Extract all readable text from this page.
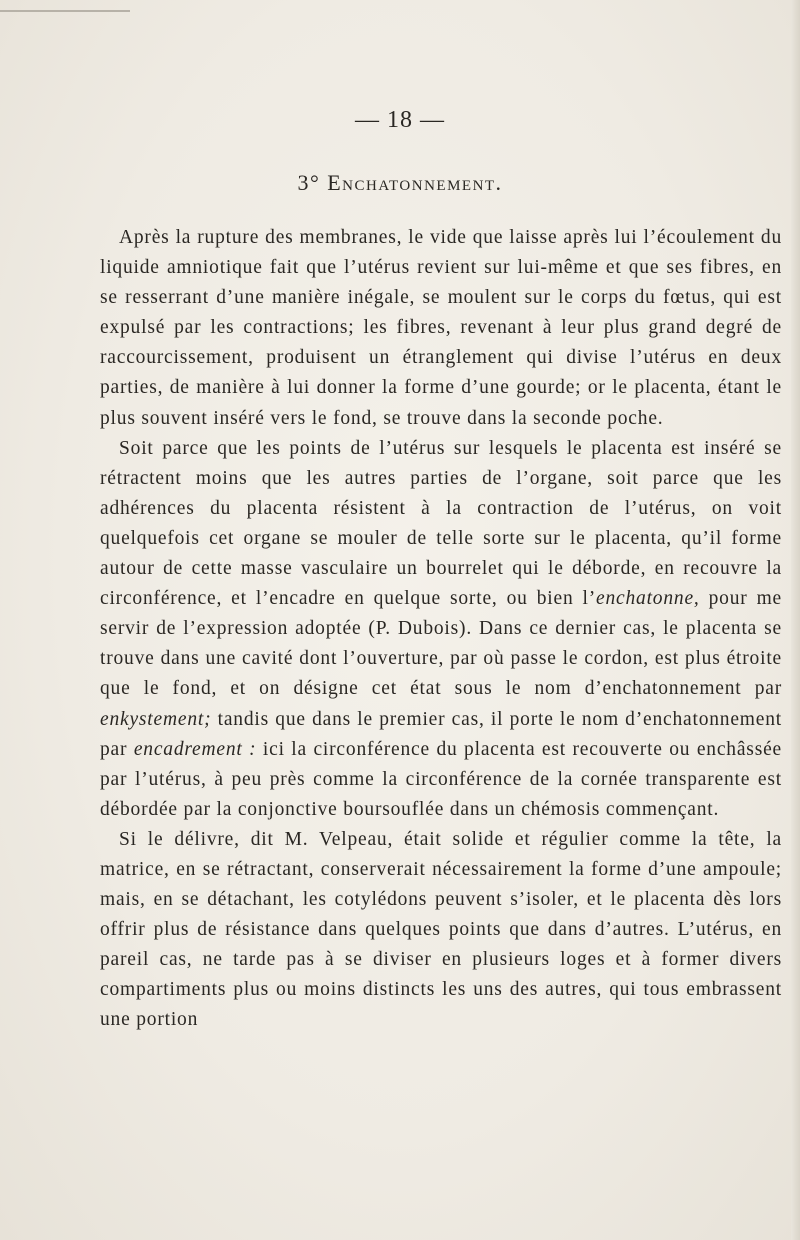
— 18 —
3° Enchatonnement.

Après la rupture des membranes, le vide que laisse après lui l’écoulement du liquide amniotique fait que l’utérus revient sur lui-même et que ses fibres, en se resserrant d’une manière inégale, se moulent sur le corps du fœtus, qui est expulsé par les contractions; les fibres, revenant à leur plus grand degré de raccourcissement, produisent un étranglement qui divise l’utérus en deux parties, de manière à lui donner la forme d’une gourde; or le placenta, étant le plus souvent inséré vers le fond, se trouve dans la seconde poche.

Soit parce que les points de l’utérus sur lesquels le placenta est inséré se rétractent moins que les autres parties de l’organe, soit parce que les adhérences du placenta résistent à la contraction de l’utérus, on voit quelquefois cet organe se mouler de telle sorte sur le placenta, qu’il forme autour de cette masse vasculaire un bourrelet qui le déborde, en recouvre la circonférence, et l’encadre en quelque sorte, ou bien l’enchatonne, pour me servir de l’expression adoptée (P. Dubois). Dans ce dernier cas, le placenta se trouve dans une cavité dont l’ouverture, par où passe le cordon, est plus étroite que le fond, et on désigne cet état sous le nom d’enchatonnement par enkystement; tandis que dans le premier cas, il porte le nom d’enchatonnement par encadrement : ici la circonférence du placenta est recouverte ou enchâssée par l’utérus, à peu près comme la circonférence de la cornée transparente est débordée par la conjonctive boursouflée dans un chémosis commençant.

Si le délivre, dit M. Velpeau, était solide et régulier comme la tête, la matrice, en se rétractant, conserverait nécessairement la forme d’une ampoule; mais, en se détachant, les cotylédons peuvent s’isoler, et le placenta dès lors offrir plus de résistance dans quelques points que dans d’autres. L’utérus, en pareil cas, ne tarde pas à se diviser en plusieurs loges et à former divers compartiments plus ou moins distincts les uns des autres, qui tous embrassent une portion
